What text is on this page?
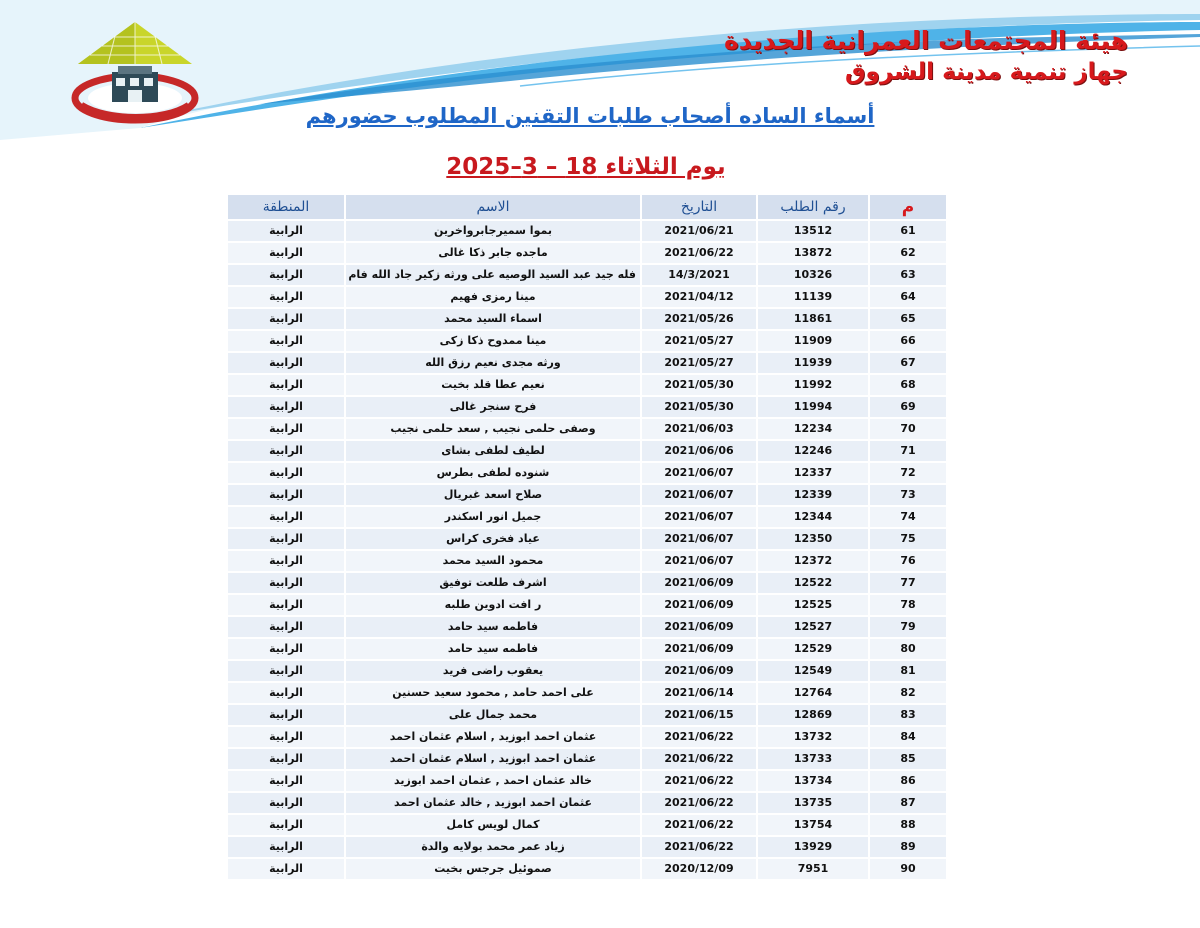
هيئة المجتمعات العمرانية الجديدة
جهاز تنمية مدينة الشروق
أسماء الساده أصحاب طلبات التقنين المطلوب حضورهم
يوم الثلاثاء 18 – 3–2025
م	رقم الطلب	التاريخ	الاسم	المنطقة
61	13512	2021/06/21	بموا سميرجابرواخرين	الرابية
62	13872	2021/06/22	ماجده جابر ذكا غالى	الرابية
63	10326	14/3/2021	فله جيد عبد السيد الوصيه على ورثه زكير جاد الله فام	الرابية
64	11139	2021/04/12	مينا رمزى فهيم	الرابية
65	11861	2021/05/26	اسماء السيد محمد	الرابية
66	11909	2021/05/27	مينا ممدوح ذكا زكى	الرابية
67	11939	2021/05/27	ورثه مجدى نعيم رزق الله	الرابية
68	11992	2021/05/30	نعيم عطا قلد بخيت	الرابية
69	11994	2021/05/30	فرح سنجر غالى	الرابية
70	12234	2021/06/03	وصفى حلمى نجيب , سعد حلمى نجيب	الرابية
71	12246	2021/06/06	لطيف لطفى بشاى	الرابية
72	12337	2021/06/07	شنوده لطفى بطرس	الرابية
73	12339	2021/06/07	صلاح اسعد غبريال	الرابية
74	12344	2021/06/07	جميل انور اسكندر	الرابية
75	12350	2021/06/07	عياد فخرى كراس	الرابية
76	12372	2021/06/07	محمود السيد محمد	الرابية
77	12522	2021/06/09	اشرف طلعت توفيق	الرابية
78	12525	2021/06/09	ر افت ادوين طلبه	الرابية
79	12527	2021/06/09	فاطمه سيد حامد	الرابية
80	12529	2021/06/09	فاطمه سيد حامد	الرابية
81	12549	2021/06/09	يعقوب راضى فريد	الرابية
82	12764	2021/06/14	على احمد حامد , محمود سعيد حسنين	الرابية
83	12869	2021/06/15	محمد جمال على	الرابية
84	13732	2021/06/22	عثمان احمد ابوزيد , اسلام عثمان احمد	الرابية
85	13733	2021/06/22	عثمان احمد ابوزيد , اسلام عثمان احمد	الرابية
86	13734	2021/06/22	خالد عثمان احمد , عثمان احمد ابوزيد	الرابية
87	13735	2021/06/22	عثمان احمد ابوزيد , خالد عثمان احمد	الرابية
88	13754	2021/06/22	كمال لويس كامل	الرابية
89	13929	2021/06/22	زياد عمر محمد بولايه والدة	الرابية
90	7951	2020/12/09	صموئيل جرجس بخيت	الرابية
